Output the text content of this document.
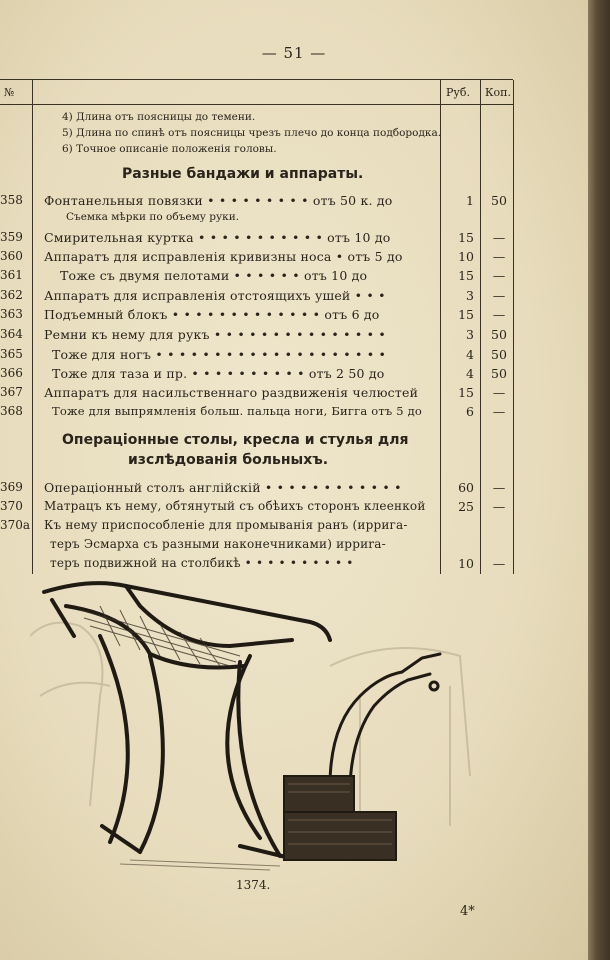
— 51 —
№	Руб. Коп.
4) Длина отъ поясницы до темени.
5) Длина по спинѣ отъ поясницы чрезъ плечо до конца подбородка.
6) Точное описаніе положенія головы.
Разные бандажи и аппараты.
358 Фонтанельныя повязки • • • • • • • • • отъ 50 к. до	1	50
Съемка мѣрки по объему руки.
359 Смирительная куртка • • • • • • • • • • • отъ 10 до	15	—
360 Аппаратъ для исправленія кривизны носа • отъ 5 до	10	—
361	Тоже съ двумя пелотами • • • • • • отъ 10 до	15	—
362 Аппаратъ для исправленія отстоящихъ ушей • • •	3	—
363 Подъемный блокъ • • • • • • • • • • • • • отъ 6 до	15	—
364 Ремни къ нему для рукъ • • • • • • • • • • • • • • •	3	50
365	Тоже для ногъ • • • • • • • • • • • • • • • • • • • •	4	50
366	Тоже для таза и пр. • • • • • • • • • • отъ 2 50 до	4	50
367 Аппаратъ для насильственнаго раздвиженія челюстей	15	—
368	Тоже для выпрямленія больш. пальца ноги, Бигга отъ 5 до	6	—
Операціонные столы, кресла и стулья для
изслѣдованія больныхъ.
369 Операціонный столъ англійскій • • • • • • • • • • • •	60	—
370 Матрацъ къ нему, обтянутый съ обѣихъ сторонъ клеенкой	25	—
370а Къ нему приспособленіе для промыванія ранъ (ирригa-
теръ Эсмарха съ разными наконечниками) ирриrа-
теръ подвижной на столбикѣ • • • • • • • • • •	10	—
1374.
4*
